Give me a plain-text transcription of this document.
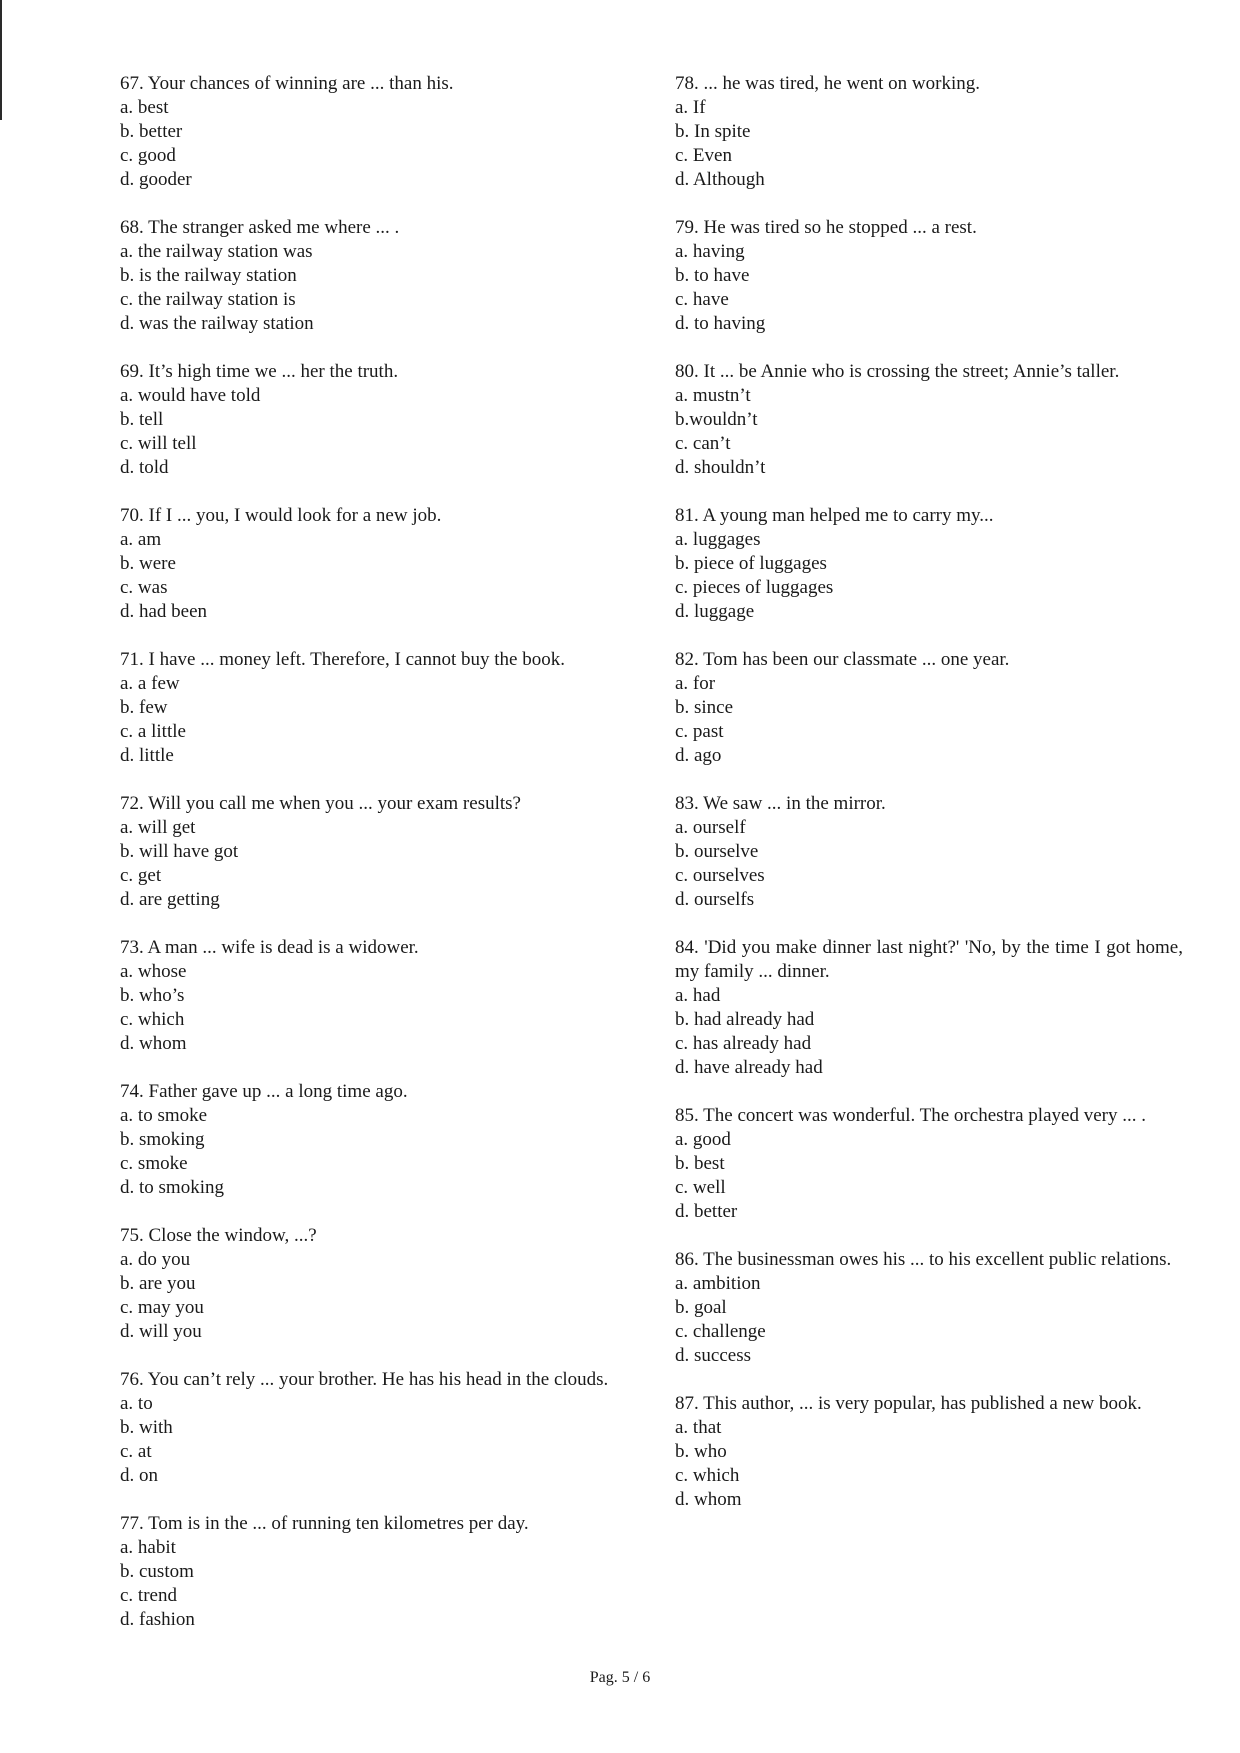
67. Your chances of winning are ... than his.

a. best
b. better
c. good
d. gooder

68. The stranger asked me where ... .

a. the railway station was
b. is the railway station
c. the railway station is
d. was the railway station

69. It’s high time we ... her the truth.

a. would have told
b. tell
c. will tell
d. told

70. If I ... you, I would look for a new job.

a. am
b. were
c. was
d. had been

71. I have ... money left. Therefore, I cannot buy the book.

a. a few
b. few
c. a little
d. little

72. Will you call me when you ... your exam results?

a. will get
b. will have got
c. get
d. are getting

73. A man ... wife is dead is a widower.

a. whose
b. who’s
c. which
d. whom

74. Father gave up ... a long time ago.

a. to smoke
b. smoking
c. smoke
d. to smoking

75. Close the window, ...?

a. do you
b. are you
c. may you
d. will you

76. You can’t rely ... your brother. He has his head in the clouds.

a. to
b. with
c. at
d. on

77. Tom is in the ... of running ten kilometres per day.

a. habit
b. custom
c. trend
d. fashion

78. ... he was tired, he went on working.

a. If
b. In spite
c. Even
d. Although

79. He was tired so he stopped ... a rest.

a. having
b. to have
c. have
d. to having

80. It ... be Annie who is crossing the street; Annie’s taller.

a. mustn’t
b.wouldn’t
c. can’t
d. shouldn’t

81. A young man helped me to carry my...

a. luggages
b. piece of luggages
c. pieces of luggages
d. luggage

82. Tom has been our classmate ... one year.

a. for
b. since
c. past
d. ago

83. We saw ... in the mirror.

a. ourself
b. ourselve
c. ourselves
d. ourselfs

84. 'Did you make dinner last night?' 'No, by the time I got home, my family ... dinner.

a. had
b. had already had
c. has already had
d. have already had

85. The concert was wonderful. The orchestra played very ... .

a. good
b. best
c. well
d. better

86. The businessman owes his ... to his excellent public relations.

a. ambition
b. goal
c. challenge
d. success

87. This author, ... is very popular, has published a new book.

a. that
b. who
c. which
d. whom
Pag. 5 / 6
